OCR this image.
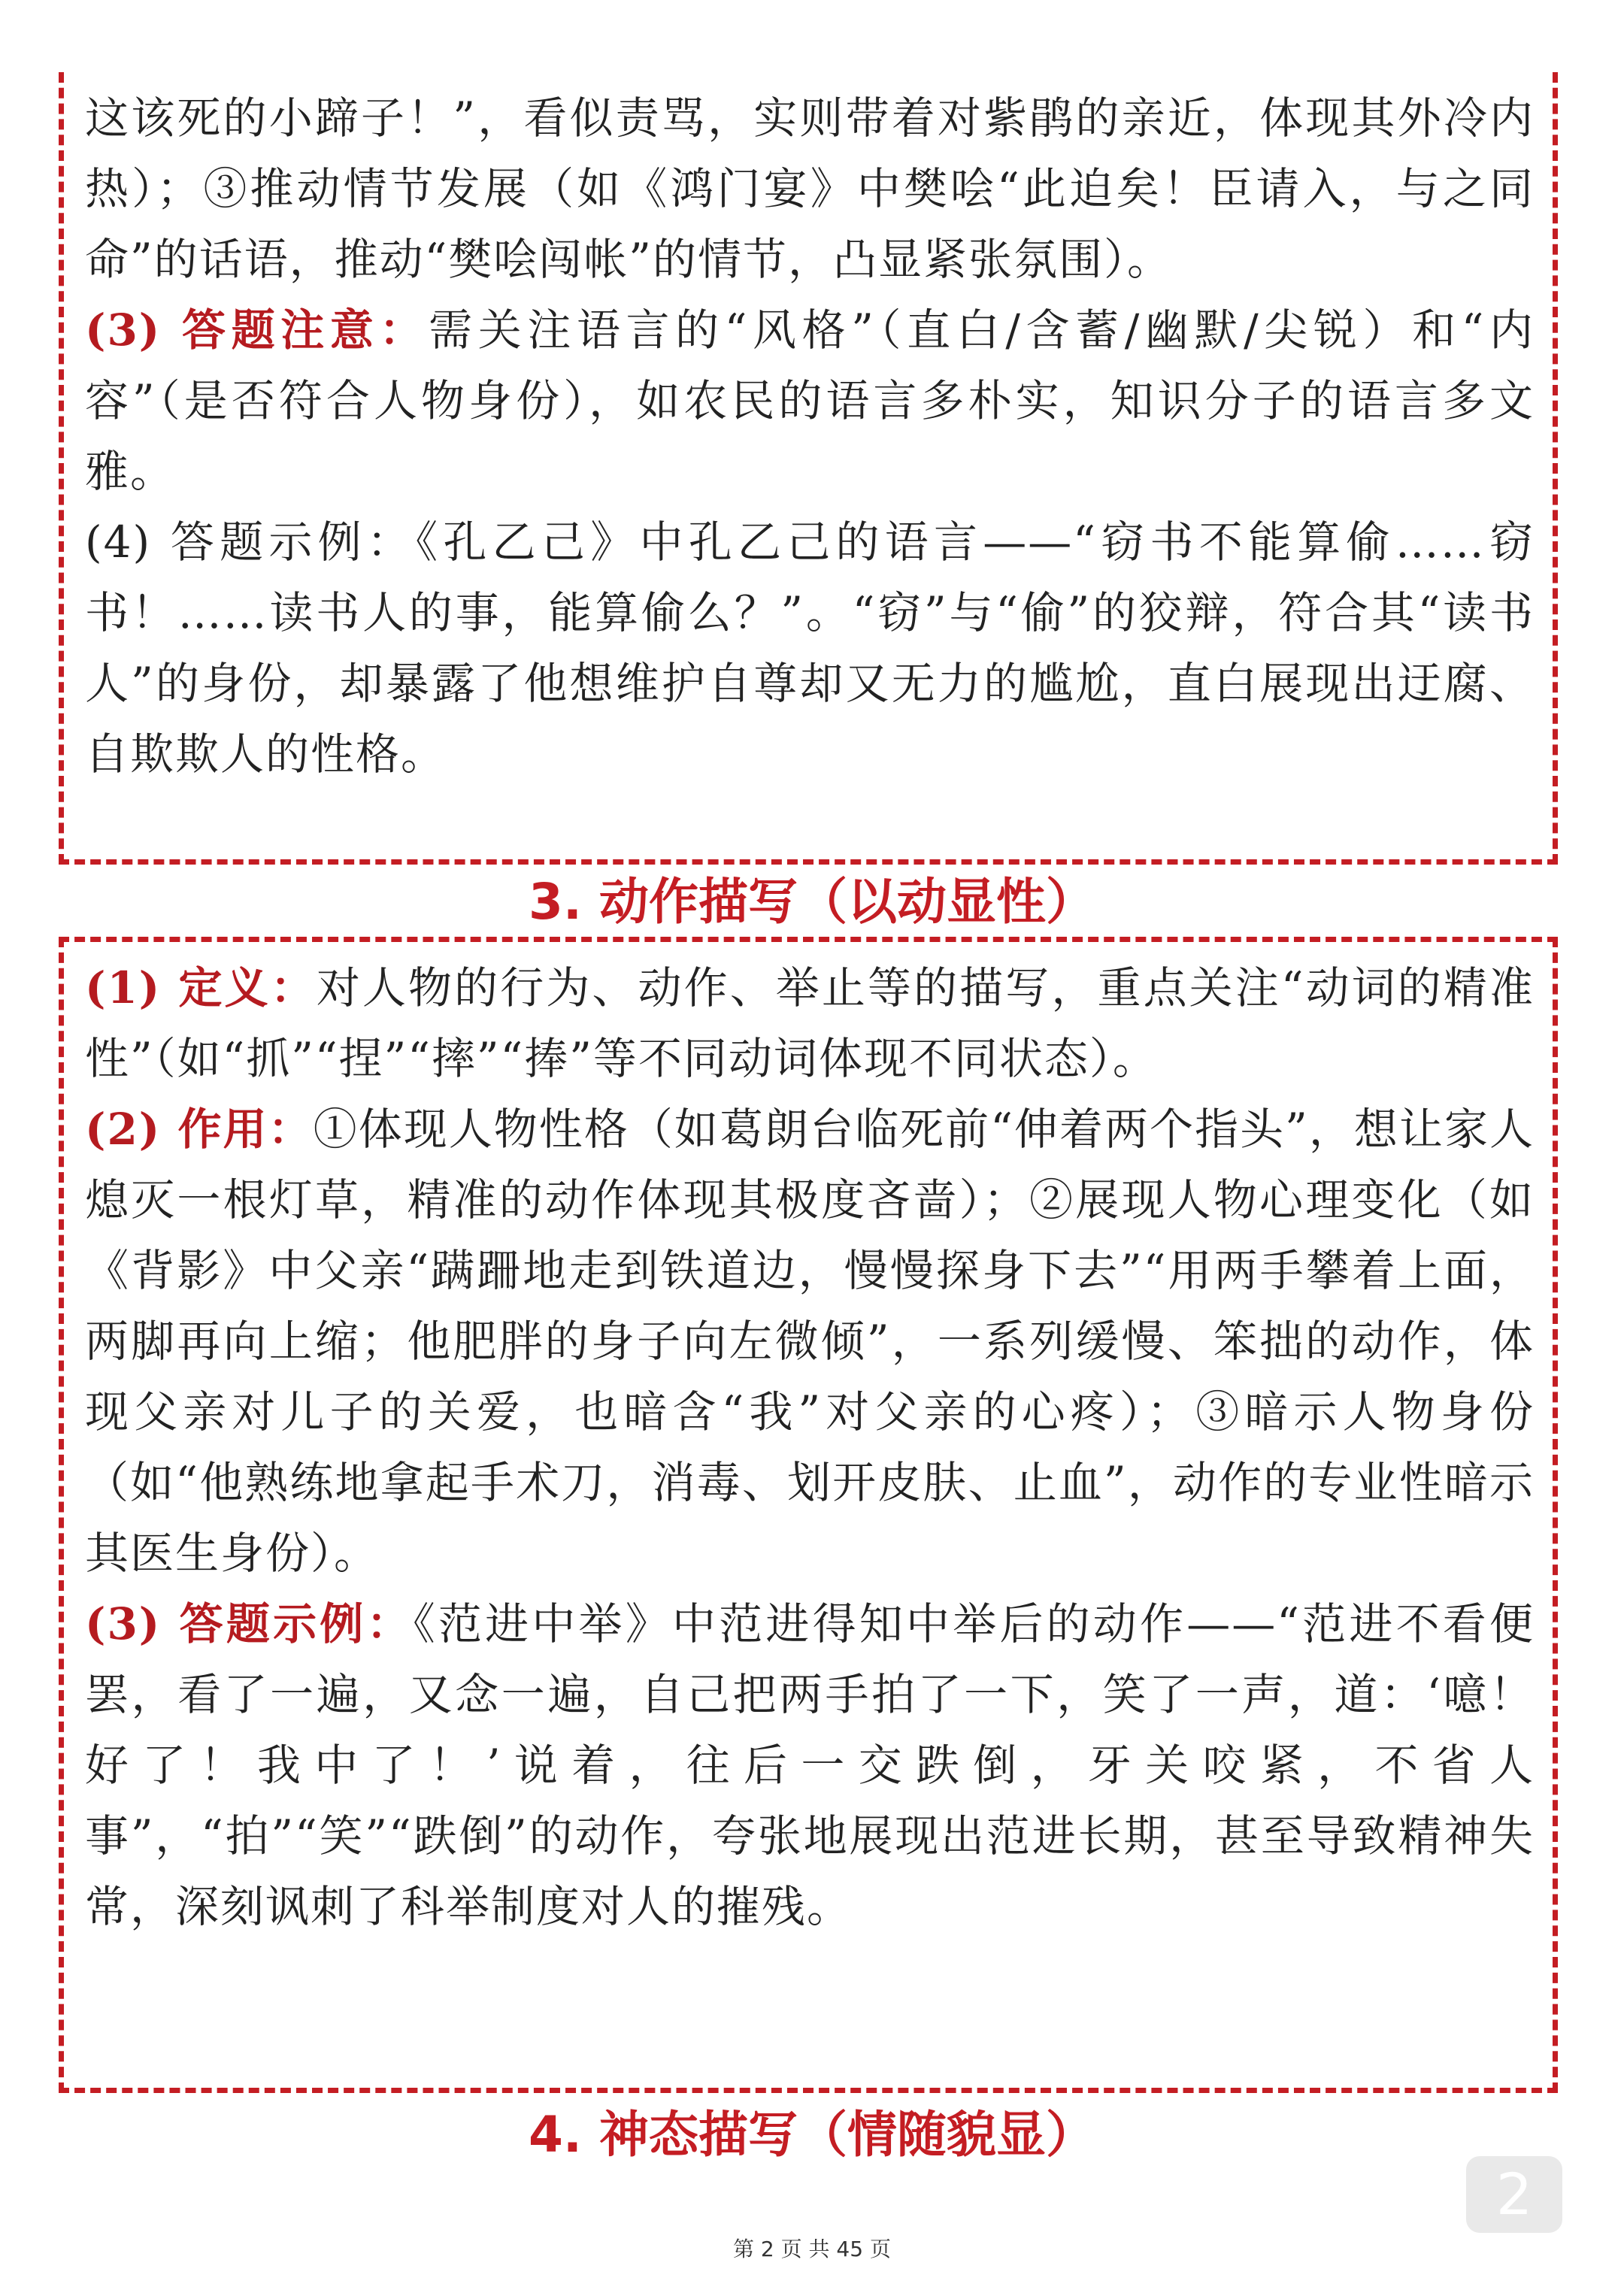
这该死的小蹄子！”，看似责骂，实则带着对紫鹃的亲近，体现其外冷内热）；③推动情节发展（如《鸿门宴》中樊哙“此迫矣！臣请入，与之同命”的话语，推动“樊哙闯帐”的情节，凸显紧张氛围）。

(3) 答题注意：需关注语言的“风格”（直白/含蓄/幽默/尖锐）和“内容”（是否符合人物身份），如农民的语言多朴实，知识分子的语言多文雅。

(4) 答题示例：《孔乙己》中孔乙己的语言——“窃书不能算偷……窃书！……读书人的事，能算偷么？”。“窃”与“偷”的狡辩，符合其“读书人”的身份，却暴露了他想维护自尊却又无力的尴尬，直白展现出迂腐、自欺欺人的性格。

3. 动作描写（以动显性）

(1) 定义：对人物的行为、动作、举止等的描写，重点关注“动词的精准性”（如“抓”“捏”“摔”“捧”等不同动词体现不同状态）。

(2) 作用：①体现人物性格（如葛朗台临死前“伸着两个指头”，想让家人熄灭一根灯草，精准的动作体现其极度吝啬）；②展现人物心理变化（如《背影》中父亲“蹒跚地走到铁道边，慢慢探身下去”“用两手攀着上面，两脚再向上缩；他肥胖的身子向左微倾”，一系列缓慢、笨拙的动作，体现父亲对儿子的关爱，也暗含“我”对父亲的心疼）；③暗示人物身份（如“他熟练地拿起手术刀，消毒、划开皮肤、止血”，动作的专业性暗示其医生身份）。

(3) 答题示例：《范进中举》中范进得知中举后的动作——“范进不看便罢，看了一遍，又念一遍，自己把两手拍了一下，笑了一声，道：‘噫！好了！我中了！’说着，往后一交跌倒，牙关咬紧，不省人事”，“拍”“笑”“跌倒”的动作，夸张地展现出范进长期，甚至导致精神失常，深刻讽刺了科举制度对人的摧残。

4. 神态描写（情随貌显）
2
第 2 页 共 45 页
